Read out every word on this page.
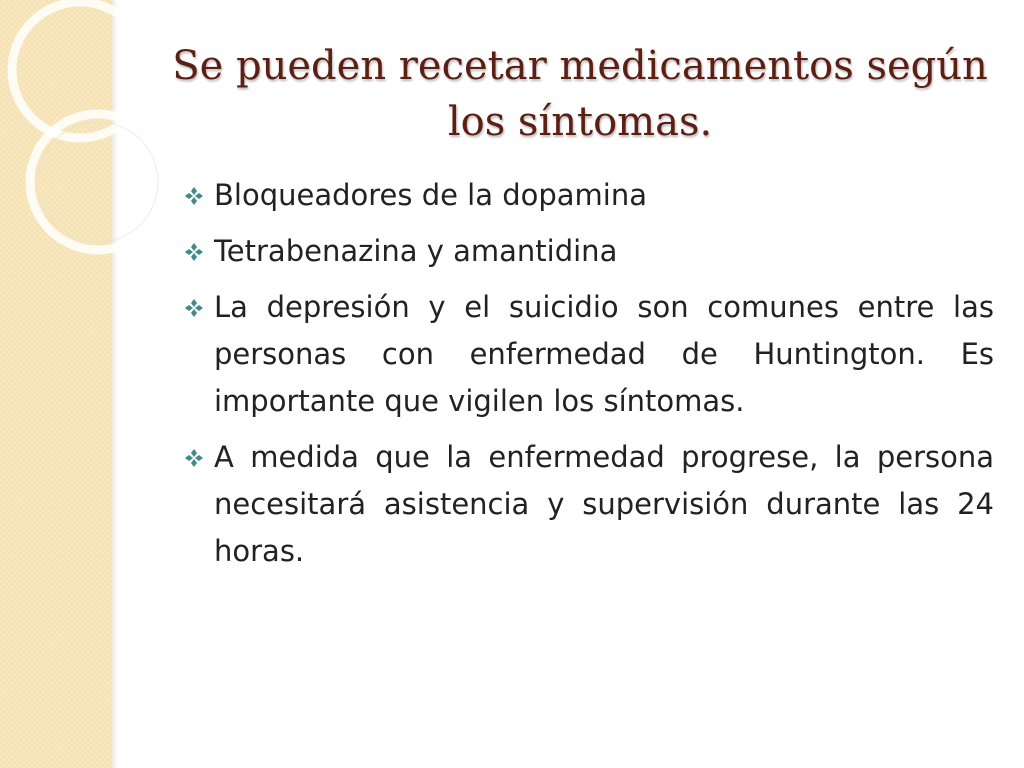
Se pueden recetar medicamentos según los síntomas.
Bloqueadores de la dopamina
Tetrabenazina y amantidina
La depresión y el suicidio son comunes entre las personas con enfermedad de Huntington. Es importante que vigilen los síntomas.
A medida que la enfermedad progrese, la persona necesitará asistencia y supervisión durante las 24 horas.
